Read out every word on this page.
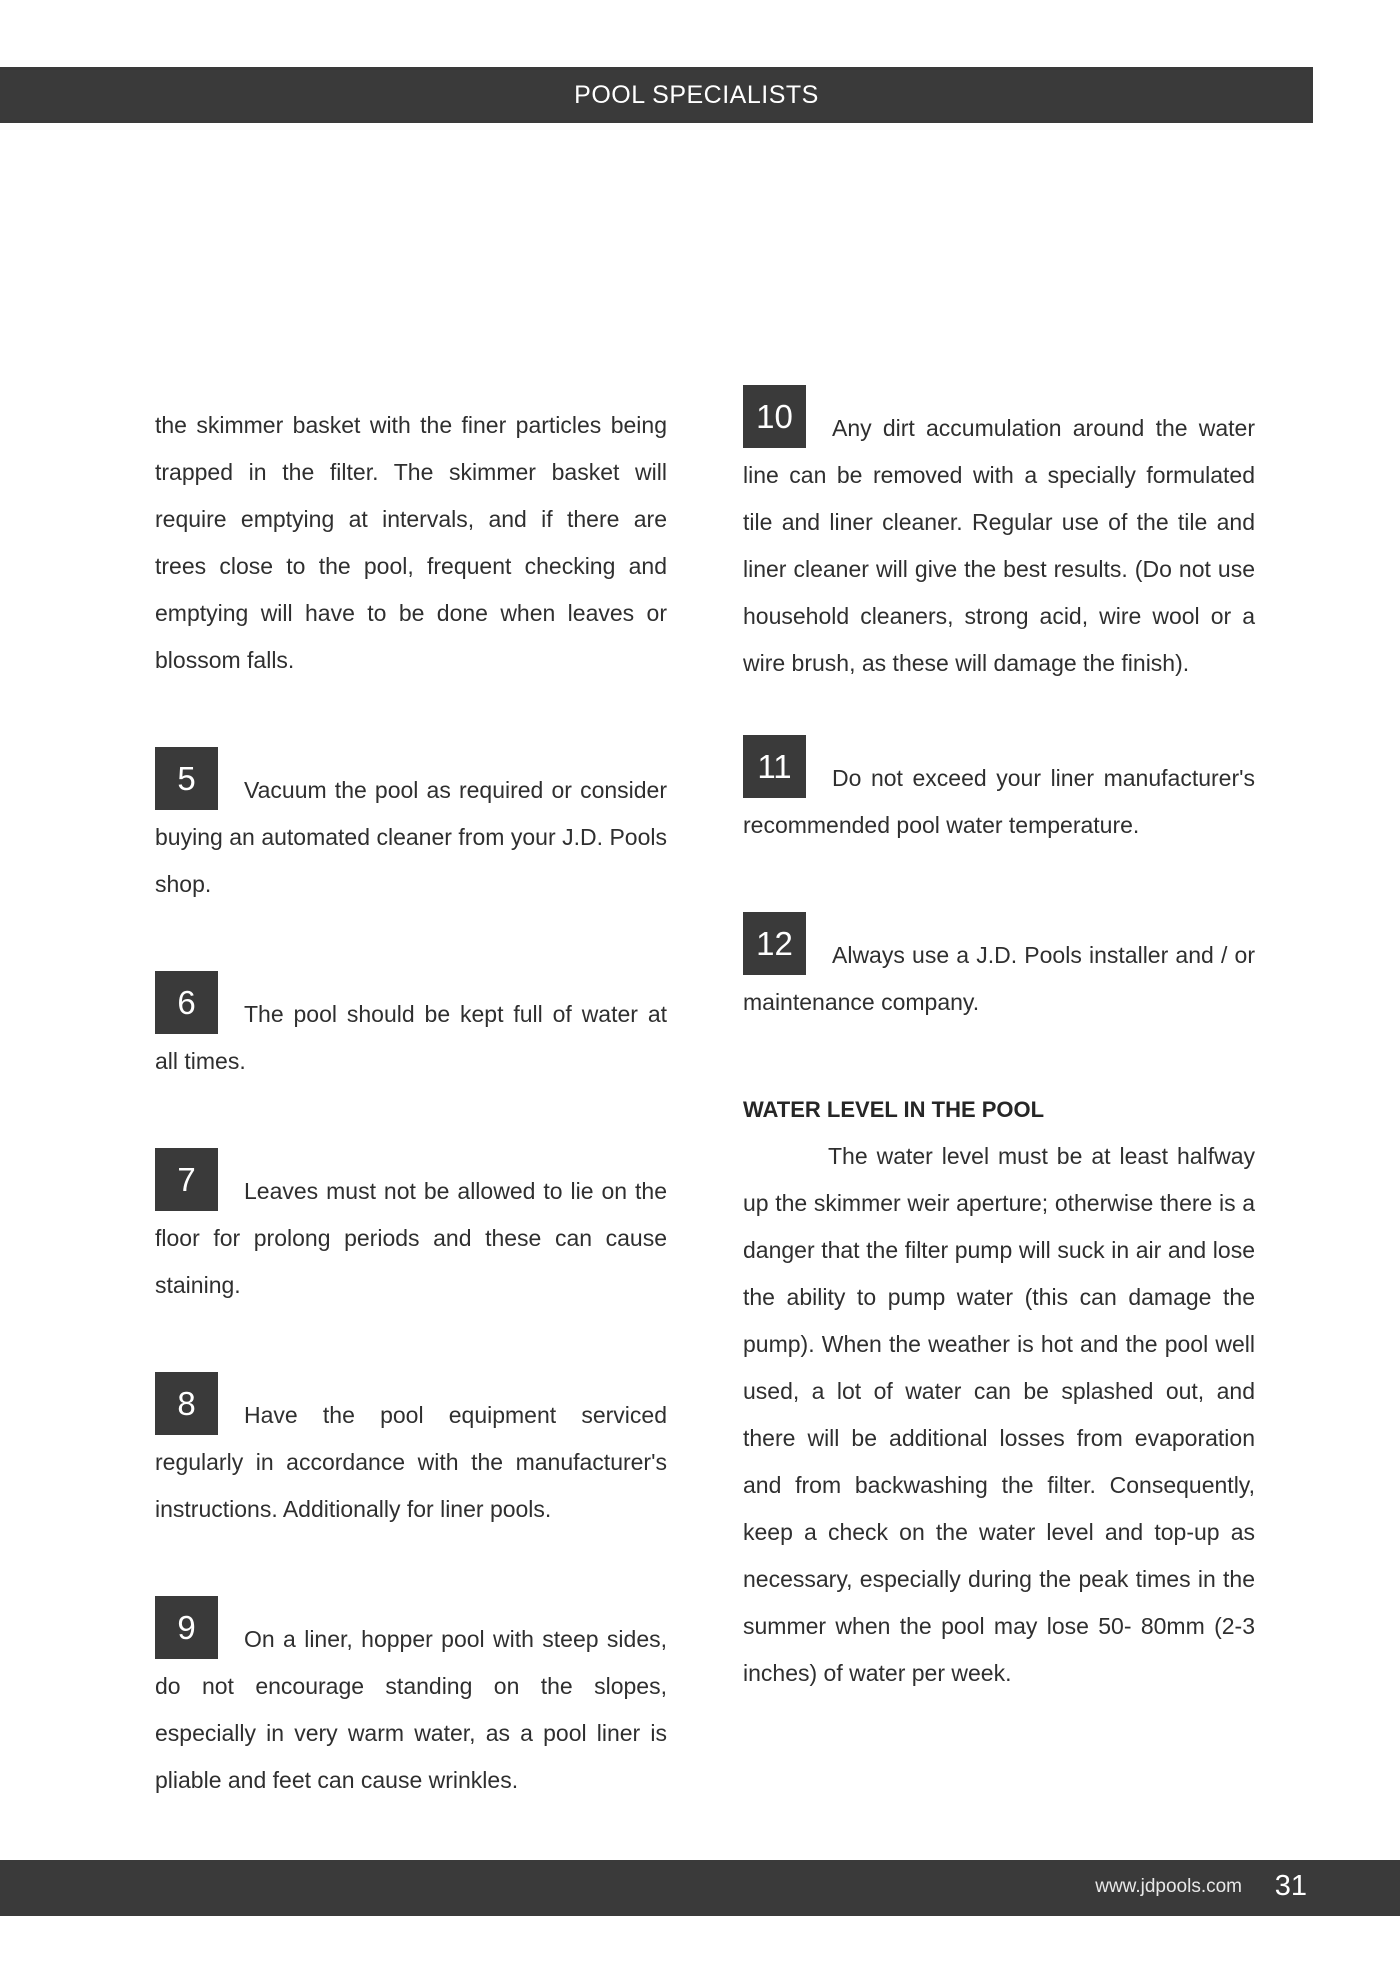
POOL SPECIALISTS

the skimmer basket with the finer particles being trapped in the filter. The skimmer basket will require emptying at intervals, and if there are trees close to the pool, frequent checking and emptying will have to be done when leaves or blossom falls.

5	Vacuum the pool as required or consider buying an automated cleaner from your J.D. Pools shop.

6	The pool should be kept full of water at all times.

7	Leaves must not be allowed to lie on the floor for prolong periods and these can cause staining.

8	Have the pool equipment serviced regularly in accordance with the manufacturer's instructions. Additionally for liner pools.

9	On a liner, hopper pool with steep sides, do not encourage standing on the slopes, especially in very warm water, as a pool liner is pliable and feet can cause wrinkles.

10	Any dirt accumulation around the water line can be removed with a specially formulated tile and liner cleaner. Regular use of the tile and liner cleaner will give the best results. (Do not use household cleaners, strong acid, wire wool or a wire brush, as these will damage the finish).

11	Do not exceed your liner manufacturer's recommended pool water temperature.

12	Always use a J.D. Pools installer and / or maintenance company.

WATER LEVEL IN THE POOL

The water level must be at least halfway up the skimmer weir aperture; otherwise there is a danger that the filter pump will suck in air and lose the ability to pump water (this can damage the pump). When the weather is hot and the pool well used, a lot of water can be splashed out, and there will be additional losses from evaporation and from backwashing the filter. Consequently, keep a check on the water level and top-up as necessary, especially during the peak times in the summer when the pool may lose 50- 80mm (2-3 inches) of water per week.

www.jdpools.com 31
